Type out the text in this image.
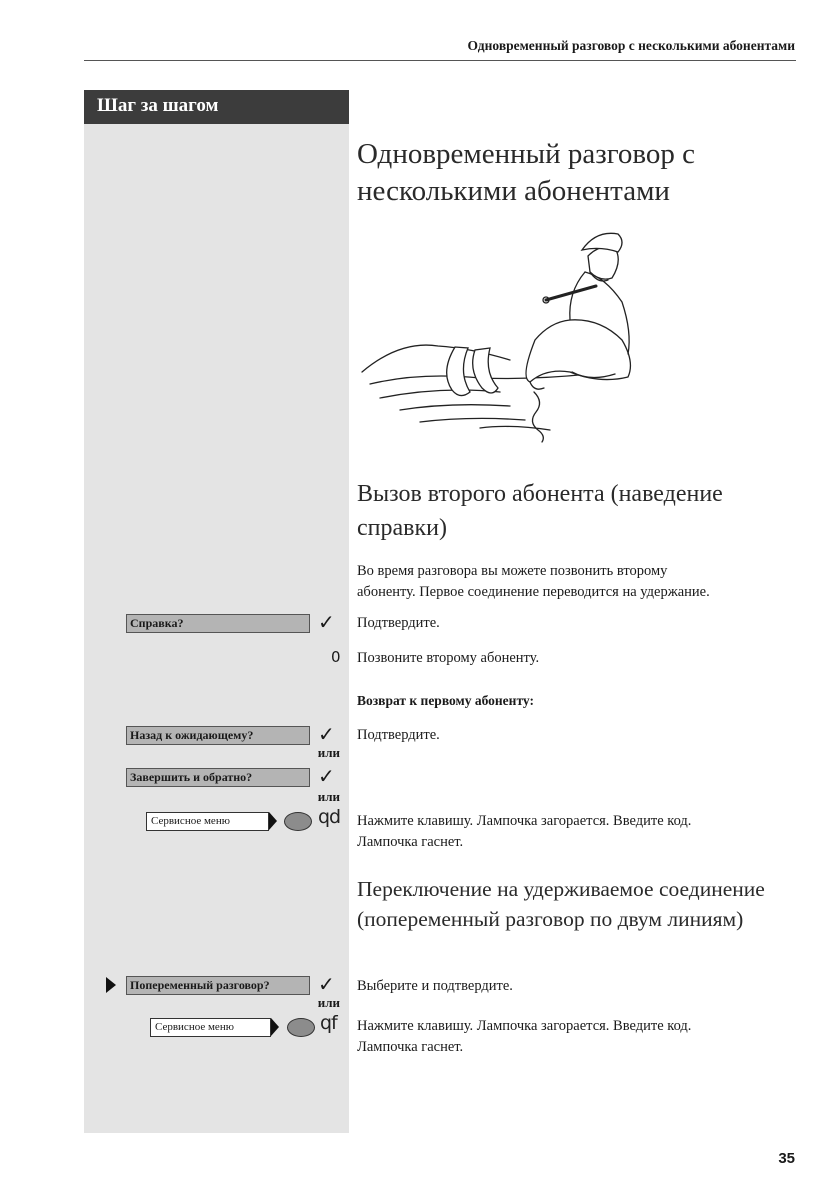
Одновременный разговор с несколькими абонентами
Шаг за шагом
Одновременный разговор с несколькими абонентами
Вызов второго абонента (наведение справки)
Во время разговора вы можете позвонить второму
абоненту. Первое соединение переводится на удержание.
Справка?	✓ Подтвердите.
0 Позвоните второму абоненту.
Возврат к первому абоненту:
Назад к ожидающему?	✓ Подтвердите.
или
Завершить и обратно?	✓
или
Сервисное меню	qd Нажмите клавишу. Лампочка загорается. Введите код.
Лампочка гаснет.
Переключение на удерживаемое соединение (попеременный разговор по двум линиям)
Попеременный разговор?	✓ Выберите и подтвердите.
или
Сервисное меню	qf Нажмите клавишу. Лампочка загорается. Введите код.
Лампочка гаснет.
35
